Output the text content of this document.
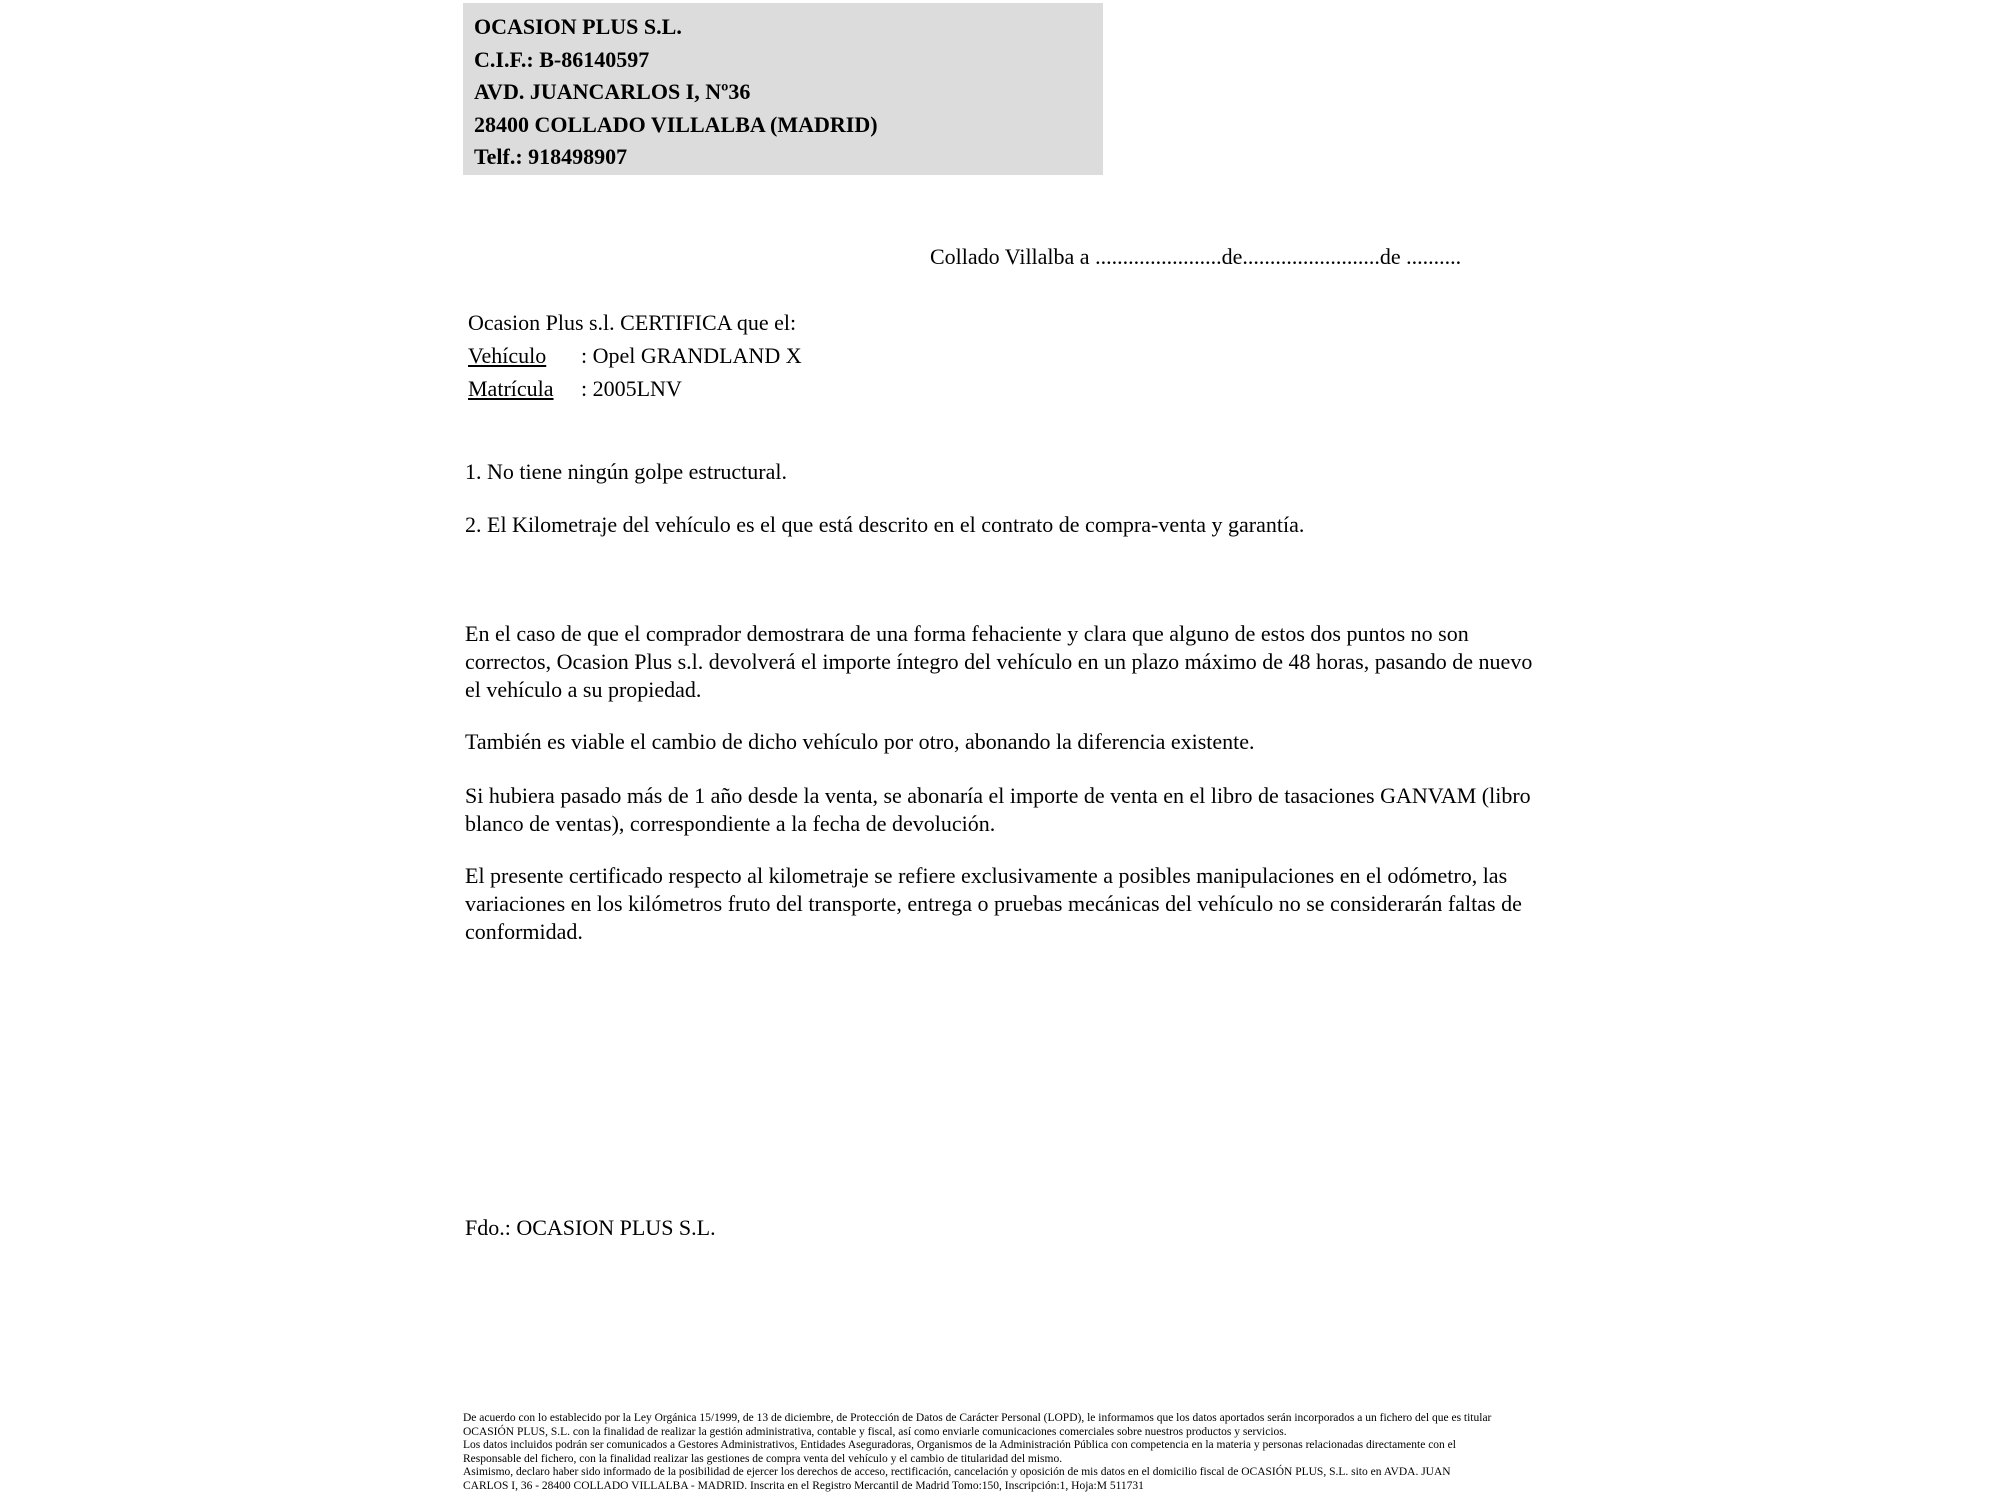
OCASION PLUS S.L.
C.I.F.: B-86140597
AVD. JUANCARLOS I, Nº36
28400 COLLADO VILLALBA (MADRID)
Telf.: 918498907
Collado Villalba a .......................de.........................de ..........
Ocasion Plus s.l. CERTIFICA que el:
Vehículo : Opel GRANDLAND X
Matrícula : 2005LNV
1. No tiene ningún golpe estructural.
2. El Kilometraje del vehículo es el que está descrito en el contrato de compra-venta y garantía.
En el caso de que el comprador demostrara de una forma fehaciente y clara que alguno de estos dos puntos no son correctos, Ocasion Plus s.l. devolverá el importe íntegro del vehículo en un plazo máximo de 48 horas, pasando de nuevo el vehículo a su propiedad.
También es viable el cambio de dicho vehículo por otro, abonando la diferencia existente.
Si hubiera pasado más de 1 año desde la venta, se abonaría el importe de venta en el libro de tasaciones GANVAM (libro blanco de ventas), correspondiente a la fecha de devolución.
El presente certificado respecto al kilometraje se refiere exclusivamente a posibles manipulaciones en el odómetro, las variaciones en los kilómetros fruto del transporte, entrega o pruebas mecánicas del vehículo no se considerarán faltas de conformidad.
Fdo.: OCASION PLUS S.L.
De acuerdo con lo establecido por la Ley Orgánica 15/1999, de 13 de diciembre, de Protección de Datos de Carácter Personal (LOPD), le informamos que los datos aportados serán incorporados a un fichero del que es titular
OCASIÓN PLUS, S.L. con la finalidad de realizar la gestión administrativa, contable y fiscal, así como enviarle comunicaciones comerciales sobre nuestros productos y servicios.
Los datos incluidos podrán ser comunicados a Gestores Administrativos, Entidades Aseguradoras, Organismos de la Administración Pública con competencia en la materia y personas relacionadas directamente con el
Responsable del fichero, con la finalidad realizar las gestiones de compra venta del vehículo y el cambio de titularidad del mismo.
Asimismo, declaro haber sido informado de la posibilidad de ejercer los derechos de acceso, rectificación, cancelación y oposición de mis datos en el domicilio fiscal de OCASIÓN PLUS, S.L. sito en AVDA. JUAN
CARLOS I, 36 - 28400 COLLADO VILLALBA - MADRID. Inscrita en el Registro Mercantil de Madrid Tomo:150, Inscripción:1, Hoja:M 511731
